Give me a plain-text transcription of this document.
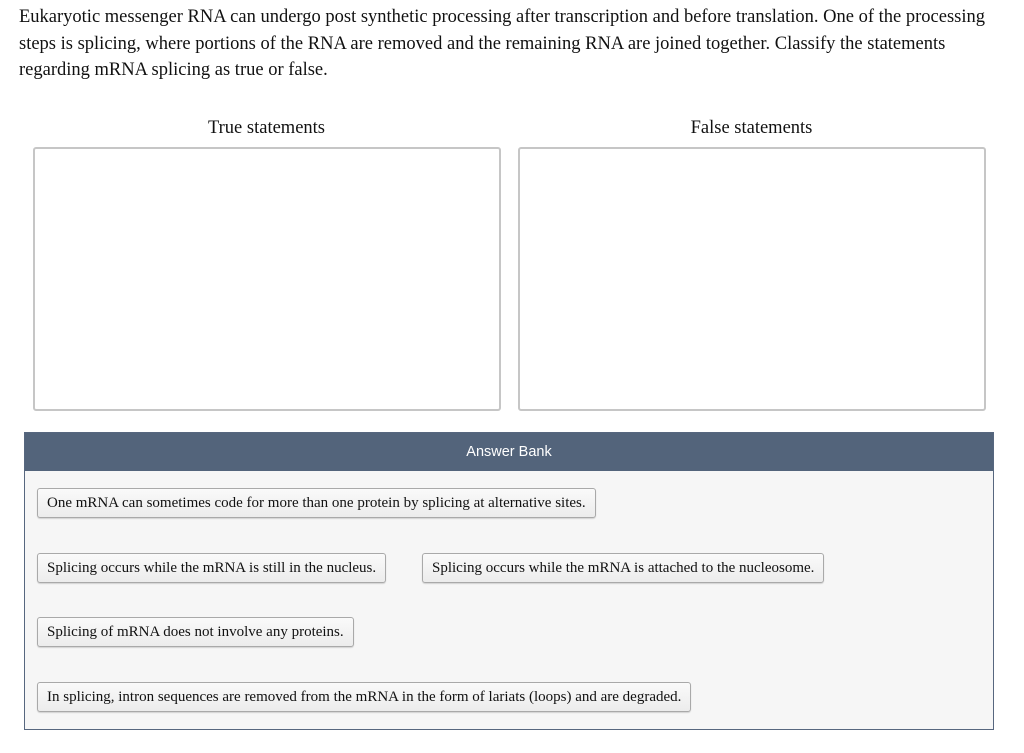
Eukaryotic messenger RNA can undergo post synthetic processing after transcription and before translation. One of the processing steps is splicing, where portions of the RNA are removed and the remaining RNA are joined together. Classify the statements regarding mRNA splicing as true or false.

True statements	False statements
Answer Bank
One mRNA can sometimes code for more than one protein by splicing at alternative sites.
Splicing occurs while the mRNA is still in the nucleus.	Splicing occurs while the mRNA is attached to the nucleosome.
Splicing of mRNA does not involve any proteins.
In splicing, intron sequences are removed from the mRNA in the form of lariats (loops) and are degraded.
